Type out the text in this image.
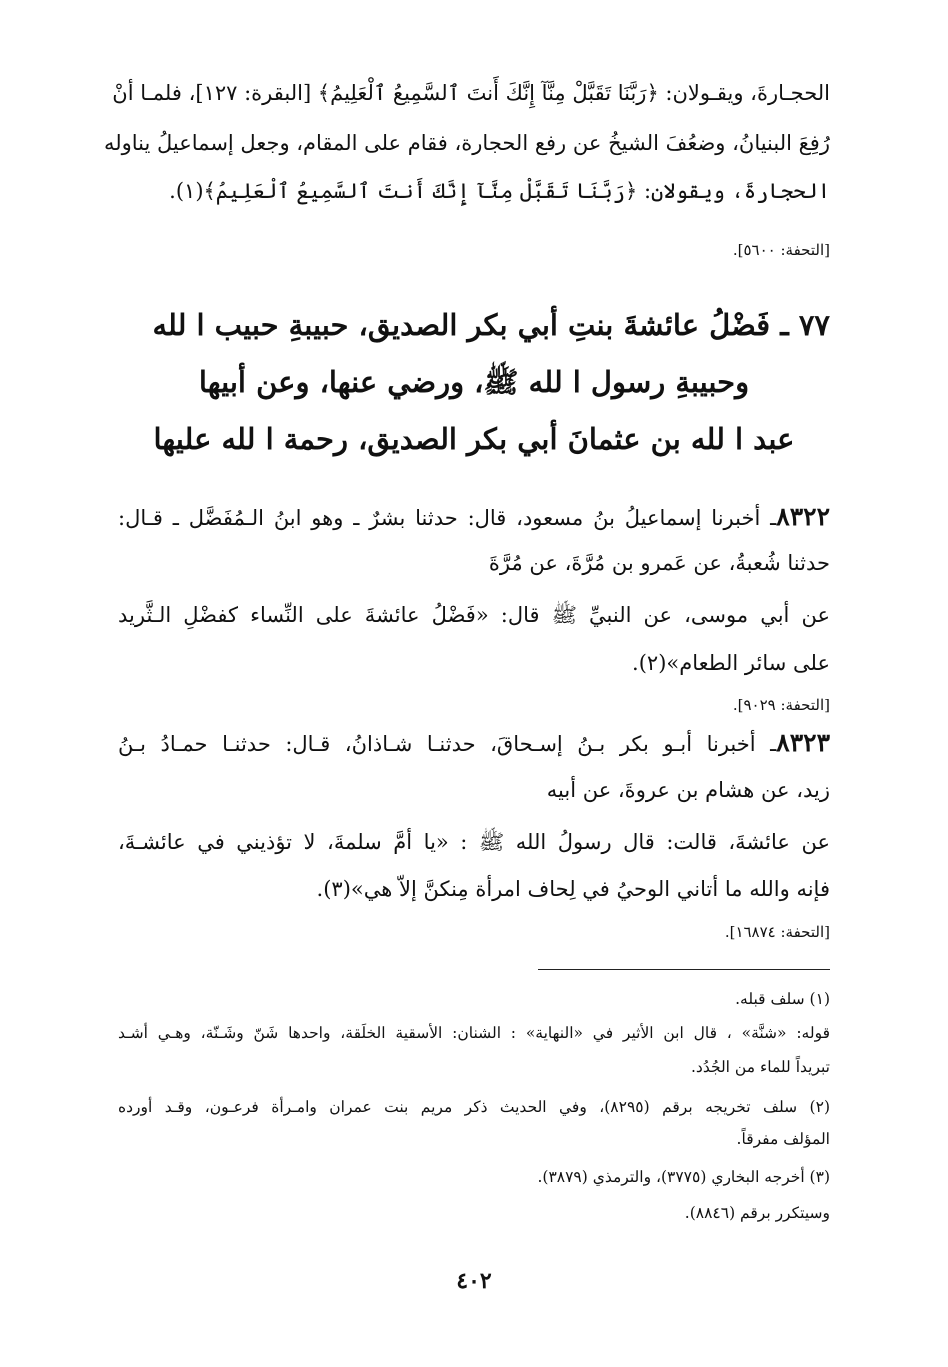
الحجـارةَ، ويقـولان: ﴿رَبَّنَا تَقَبَّلْ مِنَّآ إِنَّكَ أَنتَ ٱلسَّمِيعُ ٱلْعَلِيمُ﴾ [البقرة: ١٢٧]، فلمـا أنْ
رُفِعَ البنيانُ، وضعُفَ الشيخُ عن رفع الحجارة، فقام على المقام، وجعل إسماعيلُ يناوله
الحجارةَ، ويقولان: ﴿رَبَّنَا تَقَبَّلْ مِنَّآ إِنَّكَ أَنتَ ٱلسَّمِيعُ ٱلْعَلِيمُ﴾(١).
[التحفة: ٥٦٠٠].
٧٧ ـ فَضْلُ عائشةَ بنتِ أبي بكر الصديق، حبيبةِ حبيب ا لله
وحبيبةِ رسول ا لله ﷺ، ورضي عنها، وعن أبيها
عبد ا لله بن عثمانَ أبي بكر الصديق، رحمة ا لله عليها
٨٣٢٢ـ أخبرنا إسماعيلُ بنُ مسعود، قال: حدثنا بشرٌ ـ وهو ابنُ الـمُفَضَّل ـ قـال:
حدثنا شُعبةُ، عن عَمرو بن مُرَّةَ، عن مُرَّةَ
عن أبي موسى، عن النبيِّ ﷺ قال: «فَضْلُ عائشةَ على النِّساء كفضْلِ الـثَّريد
على سائر الطعام»(٢).
[التحفة: ٩٠٢٩].
٨٣٢٣ـ أخبرنا أبـو بكر بـنُ إسـحاقَ، حدثنـا شـاذانُ، قـال: حدثنـا حمـادُ بـنُ
زيد، عن هشام بن عروةَ، عن أبيه
عن عائشةَ، قالت: قال رسولُ الله ﷺ : «يا أمَّ سلمةَ، لا تؤذيني في عائشـةَ،
فإنه والله ما أتاني الوحيُ في لِحاف امرأة مِنكنَّ إلاّ هي»(٣).
[التحفة: ١٦٨٧٤].
(١) سلف قبله.
قوله: «شنَّة» ، قال ابن الأثير في «النهاية» : الشنان: الأسقية الخلَقة، واحدها شَنّ وشَـنّة، وهـي أشـد
تبريداً للماء من الجُدُد.
(٢) سلف تخريجه برقم (٨٢٩٥)، وفي الحديث ذكر مريم بنت عمران وامـرأة فرعـون، وقـد أورده
المؤلف مفرقاً.
(٣) أخرجه البخاري (٣٧٧٥)، والترمذي (٣٨٧٩).
وسيتكرر برقم (٨٨٤٦).
٤٠٢
